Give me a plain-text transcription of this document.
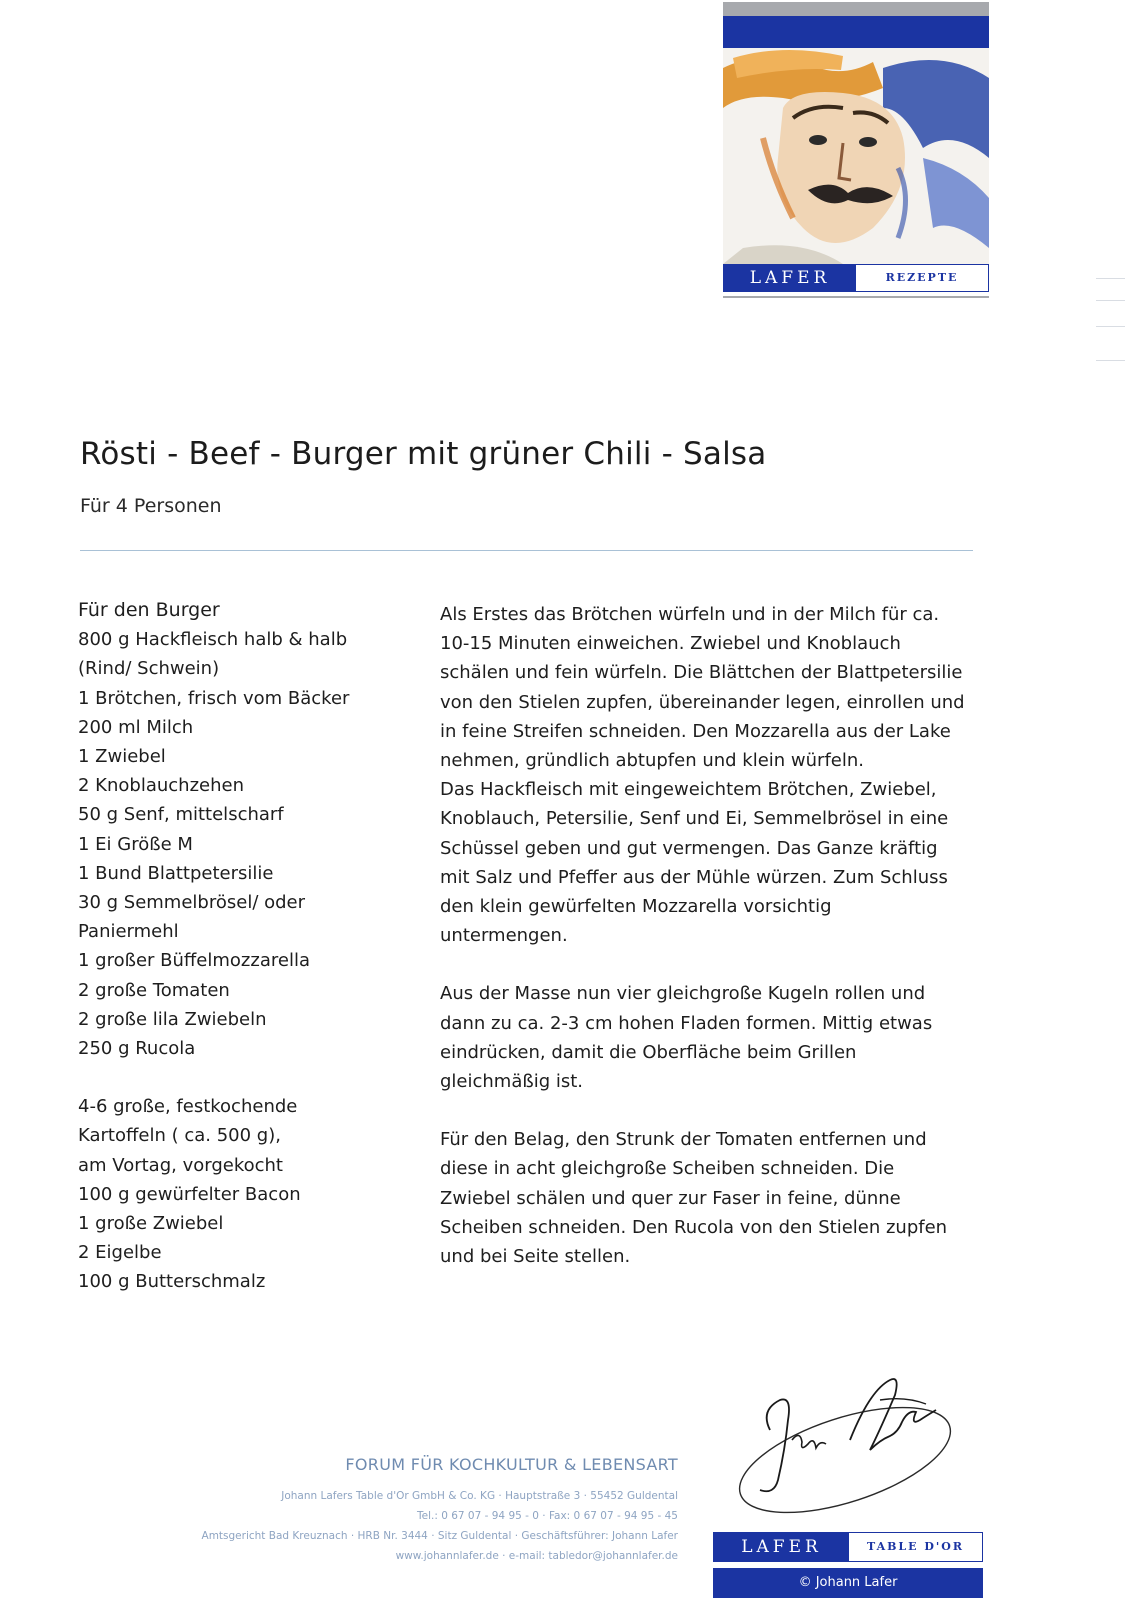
LAFER	REZEPTE
Rösti - Beef - Burger mit grüner Chili - Salsa
Für 4 Personen
Für den Burger
800 g Hackfleisch halb & halb
(Rind/ Schwein)
1 Brötchen, frisch vom Bäcker
200 ml Milch
1 Zwiebel
2 Knoblauchzehen
50 g Senf, mittelscharf
1 Ei Größe M
1 Bund Blattpetersilie
30 g Semmelbrösel/ oder
Paniermehl
1 großer Büffelmozzarella
2 große Tomaten
2 große lila Zwiebeln
250 g Rucola
4-6 große, festkochende
Kartoffeln ( ca. 500 g),
am Vortag, vorgekocht
100 g gewürfelter Bacon
1 große Zwiebel
2 Eigelbe
100 g Butterschmalz

Als Erstes das Brötchen würfeln und in der Milch für ca.
10-15 Minuten einweichen. Zwiebel und Knoblauch
schälen und fein würfeln. Die Blättchen der Blattpetersilie
von den Stielen zupfen, übereinander legen, einrollen und
in feine Streifen schneiden. Den Mozzarella aus der Lake
nehmen, gründlich abtupfen und klein würfeln.
Das Hackfleisch mit eingeweichtem Brötchen, Zwiebel,
Knoblauch, Petersilie, Senf und Ei, Semmelbrösel in eine
Schüssel geben und gut vermengen. Das Ganze kräftig
mit Salz und Pfeffer aus der Mühle würzen. Zum Schluss
den klein gewürfelten Mozzarella vorsichtig
untermengen.

Aus der Masse nun vier gleichgroße Kugeln rollen und
dann zu ca. 2-3 cm hohen Fladen formen. Mittig etwas
eindrücken, damit die Oberfläche beim Grillen
gleichmäßig ist.

Für den Belag, den Strunk der Tomaten entfernen und
diese in acht gleichgroße Scheiben schneiden. Die
Zwiebel schälen und quer zur Faser in feine, dünne
Scheiben schneiden. Den Rucola von den Stielen zupfen
und bei Seite stellen.

FORUM FÜR KOCHKULTUR & LEBENSART
Johann Lafers Table d'Or GmbH & Co. KG · Hauptstraße 3 · 55452 Guldental
Tel.: 0 67 07 - 94 95 - 0 · Fax: 0 67 07 - 94 95 - 45
Amtsgericht Bad Kreuznach · HRB Nr. 3444 · Sitz Guldental · Geschäftsführer: Johann Lafer
www.johannlafer.de · e-mail: tabledor@johannlafer.de	LAFER	TABLE D'OR
© Johann Lafer
